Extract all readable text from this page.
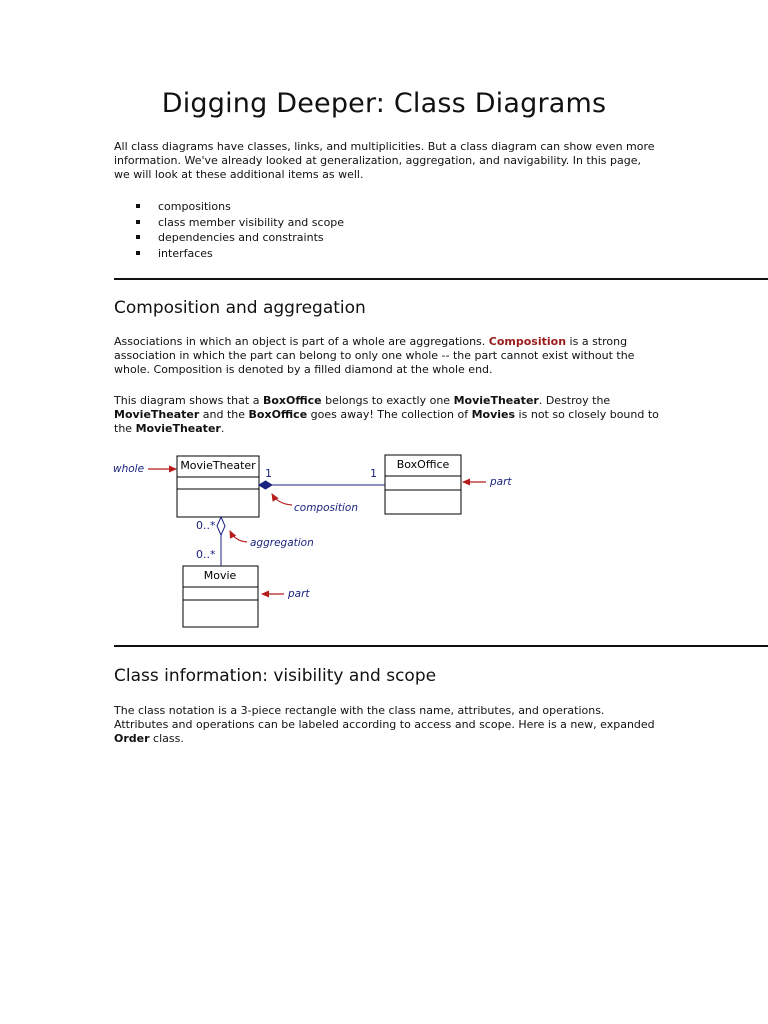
Digging Deeper: Class Diagrams

All class diagrams have classes, links, and multiplicities. But a class diagram can show even more information. We've already looked at generalization, aggregation, and navigability. In this page, we will look at these additional items as well.

compositions
class member visibility and scope
dependencies and constraints
interfaces
Composition and aggregation

Associations in which an object is part of a whole are aggregations. Composition is a strong association in which the part can belong to only one whole -- the part cannot exist without the whole. Composition is denoted by a filled diamond at the whole end.

This diagram shows that a BoxOffice belongs to exactly one MovieTheater. Destroy the MovieTheater and the BoxOffice goes away! The collection of Movies is not so closely bound to the MovieTheater.

MovieTheater	BoxOffice
Movie
1	1
0..*
0..*
whole
composition
part
aggregation
part
Class information: visibility and scope

The class notation is a 3-piece rectangle with the class name, attributes, and operations. Attributes and operations can be labeled according to access and scope. Here is a new, expanded Order class.
